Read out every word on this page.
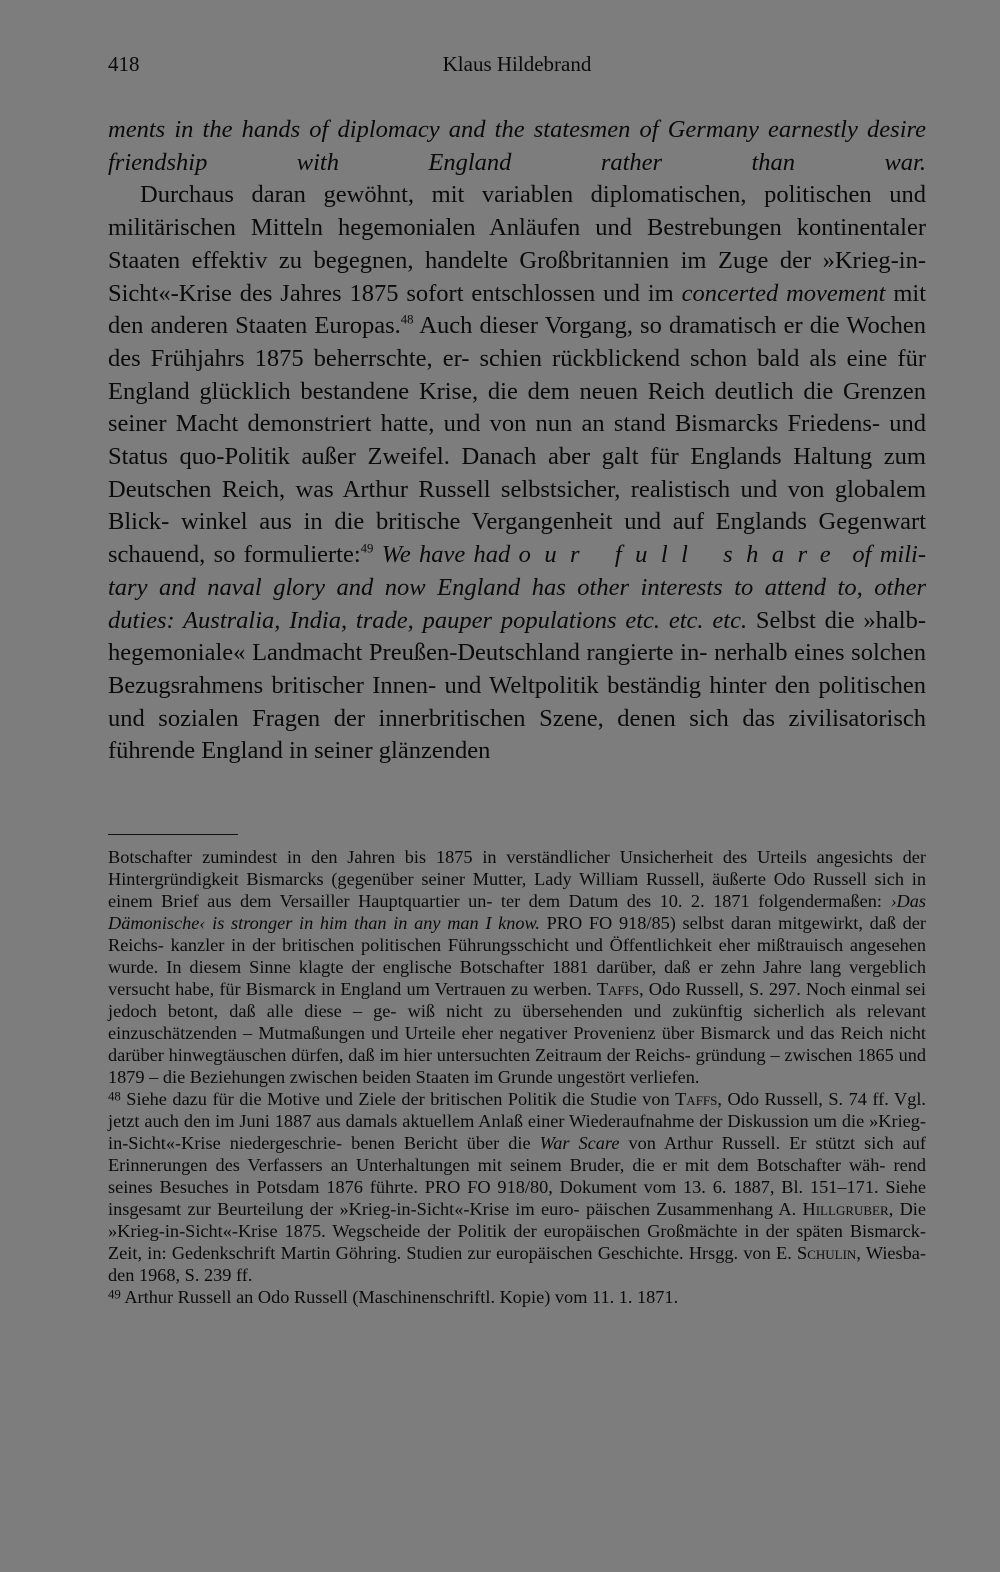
418	Klaus Hildebrand

ments in the hands of diplomacy and the statesmen of Germany earnestly desire friendship with England rather than war.

Durchaus daran gewöhnt, mit variablen diplomatischen, politischen und militärischen Mitteln hegemonialen Anläufen und Bestrebungen kontinentaler Staaten effektiv zu begegnen, handelte Großbritannien im Zuge der »Krieg-in-Sicht«-Krise des Jahres 1875 sofort entschlossen und im concerted movement mit den anderen Staaten Europas.$^{48}$ Auch dieser Vorgang, so dramatisch er die Wochen des Frühjahrs 1875 beherrschte, er- schien rückblickend schon bald als eine für England glücklich bestandene Krise, die dem neuen Reich deutlich die Grenzen seiner Macht demonstriert hatte, und von nun an stand Bismarcks Friedens- und Status quo-Politik außer Zweifel. Danach aber galt für Englands Haltung zum Deutschen Reich, was Arthur Russell selbstsicher, realistisch und von globalem Blick- winkel aus in die britische Vergangenheit und auf Englands Gegenwart schauend, so formulierte:$^{49}$ We have had our full share of mili- tary and naval glory and now England has other interests to attend to, other duties: Australia, India, trade, pauper populations etc. etc. etc. Selbst die »halb-hegemoniale« Landmacht Preußen-Deutschland rangierte in- nerhalb eines solchen Bezugsrahmens britischer Innen- und Weltpolitik beständig hinter den politischen und sozialen Fragen der innerbritischen Szene, denen sich das zivilisatorisch führende England in seiner glänzenden

Botschafter zumindest in den Jahren bis 1875 in verständlicher Unsicherheit des Urteils angesichts der Hintergründigkeit Bismarcks (gegenüber seiner Mutter, Lady William Russell, äußerte Odo Russell sich in einem Brief aus dem Versailler Hauptquartier un- ter dem Datum des 10. 2. 1871 folgendermaßen: ›Das Dämonische‹ is stronger in him than in any man I know. PRO FO 918/85) selbst daran mitgewirkt, daß der Reichs- kanzler in der britischen politischen Führungsschicht und Öffentlichkeit eher mißtrauisch angesehen wurde. In diesem Sinne klagte der englische Botschafter 1881 darüber, daß er zehn Jahre lang vergeblich versucht habe, für Bismarck in England um Vertrauen zu werben. Taffs, Odo Russell, S. 297. Noch einmal sei jedoch betont, daß alle diese – ge- wiß nicht zu übersehenden und zukünftig sicherlich als relevant einzuschätzenden – Mutmaßungen und Urteile eher negativer Provenienz über Bismarck und das Reich nicht darüber hinwegtäuschen dürfen, daß im hier untersuchten Zeitraum der Reichs- gründung – zwischen 1865 und 1879 – die Beziehungen zwischen beiden Staaten im Grunde ungestört verliefen.

$^{48}$ Siehe dazu für die Motive und Ziele der britischen Politik die Studie von Taffs, Odo Russell, S. 74 ff. Vgl. jetzt auch den im Juni 1887 aus damals aktuellem Anlaß einer Wiederaufnahme der Diskussion um die »Krieg-in-Sicht«-Krise niedergeschrie- benen Bericht über die War Scare von Arthur Russell. Er stützt sich auf Erinnerungen des Verfassers an Unterhaltungen mit seinem Bruder, die er mit dem Botschafter wäh- rend seines Besuches in Potsdam 1876 führte. PRO FO 918/80, Dokument vom 13. 6. 1887, Bl. 151–171. Siehe insgesamt zur Beurteilung der »Krieg-in-Sicht«-Krise im euro- päischen Zusammenhang A. Hillgruber, Die »Krieg-in-Sicht«-Krise 1875. Wegscheide der Politik der europäischen Großmächte in der späten Bismarck-Zeit, in: Gedenkschrift Martin Göhring. Studien zur europäischen Geschichte. Hrsgg. von E. Schulin, Wiesba- den 1968, S. 239 ff.

$^{49}$ Arthur Russell an Odo Russell (Maschinenschriftl. Kopie) vom 11. 1. 1871.
